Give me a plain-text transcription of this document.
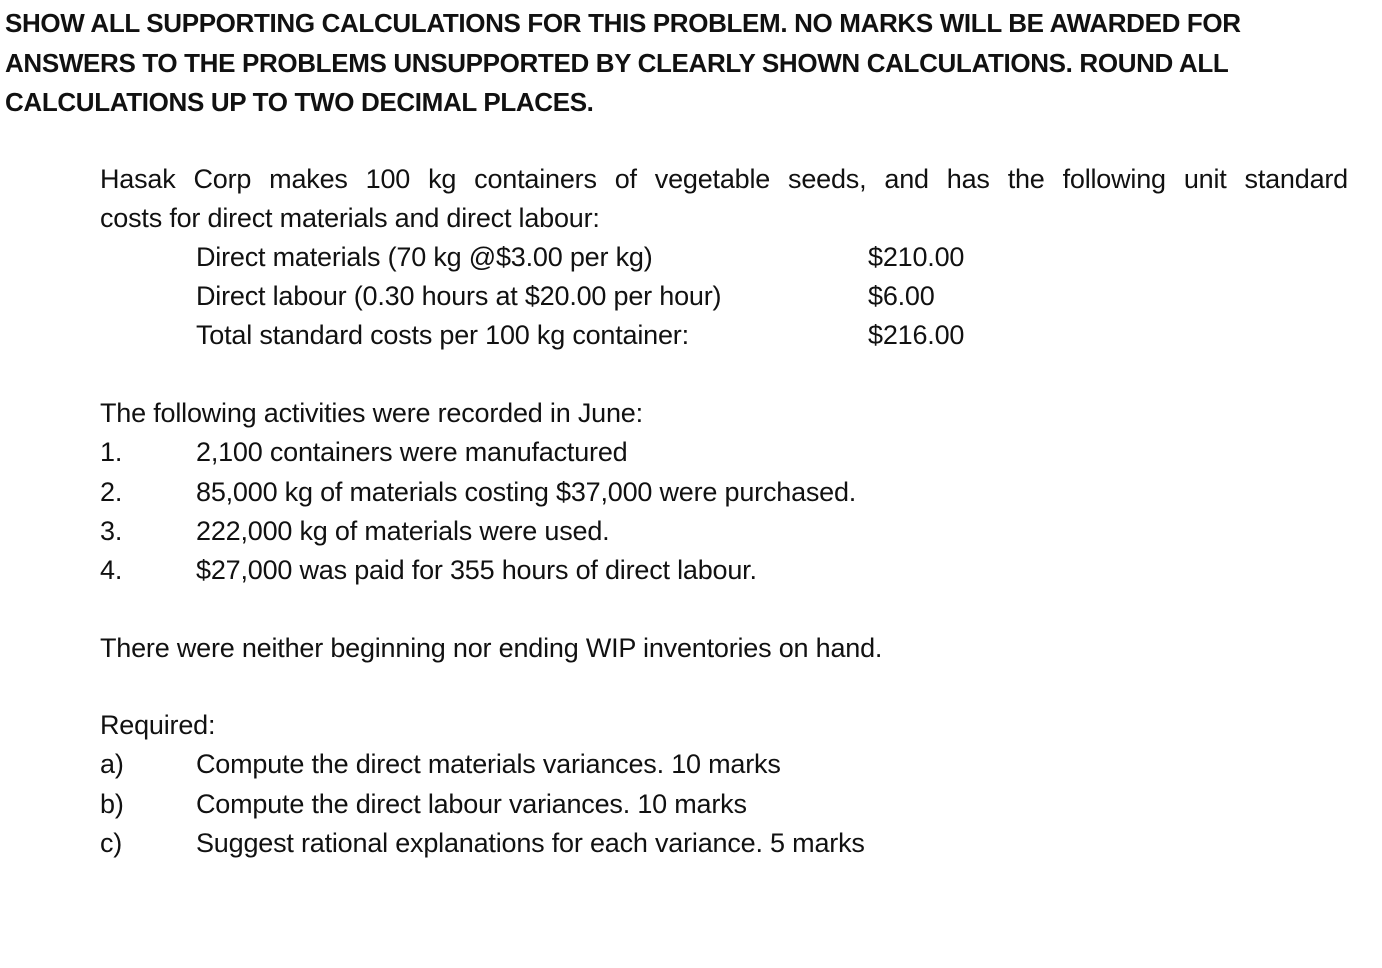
SHOW ALL SUPPORTING CALCULATIONS FOR THIS PROBLEM. NO MARKS WILL BE AWARDED FOR
ANSWERS TO THE PROBLEMS UNSUPPORTED BY CLEARLY SHOWN CALCULATIONS. ROUND ALL
CALCULATIONS UP TO TWO DECIMAL PLACES.
Hasak Corp makes 100 kg containers of vegetable seeds, and has the following unit standard
costs for direct materials and direct labour:
Direct materials (70 kg @$3.00 per kg)	$210.00
Direct labour (0.30 hours at $20.00 per hour)	$6.00
Total standard costs per 100 kg container:	$216.00
The following activities were recorded in June:
1.	2,100 containers were manufactured
2.	85,000 kg of materials costing $37,000 were purchased.
3.	222,000 kg of materials were used.
4.	$27,000 was paid for 355 hours of direct labour.
There were neither beginning nor ending WIP inventories on hand.
Required:
a)	Compute the direct materials variances. 10 marks
b)	Compute the direct labour variances. 10 marks
c)	Suggest rational explanations for each variance. 5 marks
